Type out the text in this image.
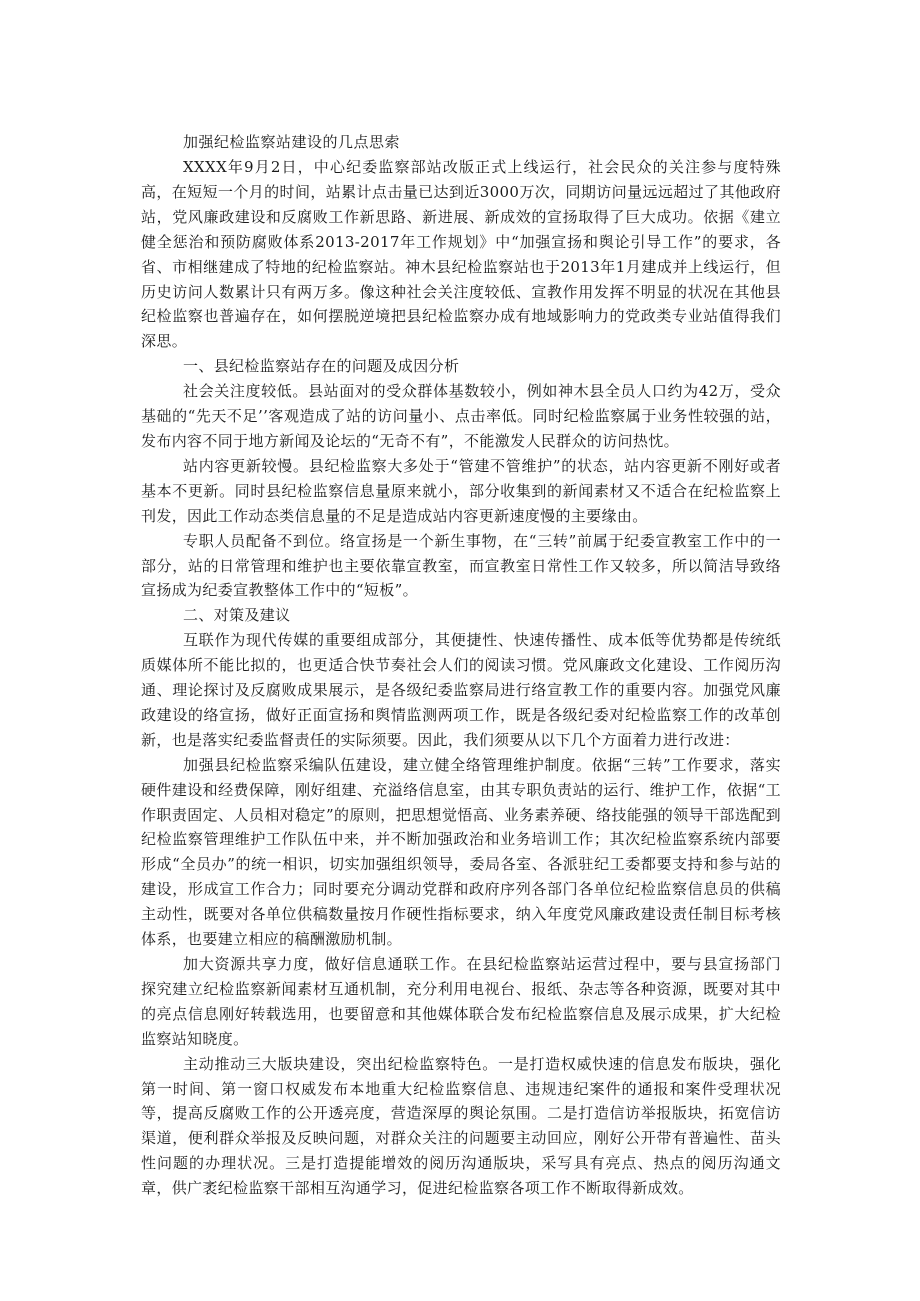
加强纪检监察站建设的几点思索

XXXX年9月2日，中心纪委监察部站改版正式上线运行，社会民众的关注参与度特殊高，在短短一个月的时间，站累计点击量已达到近3000万次，同期访问量远远超过了其他政府站，党风廉政建设和反腐败工作新思路、新进展、新成效的宣扬取得了巨大成功。依据《建立健全惩治和预防腐败体系2013-2017年工作规划》中“加强宣扬和舆论引导工作”的要求，各省、市相继建成了特地的纪检监察站。神木县纪检监察站也于2013年1月建成并上线运行，但历史访问人数累计只有两万多。像这种社会关注度较低、宣教作用发挥不明显的状况在其他县纪检监察也普遍存在，如何摆脱逆境把县纪检监察办成有地域影响力的党政类专业站值得我们深思。

一、县纪检监察站存在的问题及成因分析

社会关注度较低。县站面对的受众群体基数较小，例如神木县全员人口约为42万，受众基础的“先天不足’’客观造成了站的访问量小、点击率低。同时纪检监察属于业务性较强的站，发布内容不同于地方新闻及论坛的“无奇不有”，不能激发人民群众的访问热忱。

站内容更新较慢。县纪检监察大多处于“管建不管维护”的状态，站内容更新不刚好或者基本不更新。同时县纪检监察信息量原来就小，部分收集到的新闻素材又不适合在纪检监察上刊发，因此工作动态类信息量的不足是造成站内容更新速度慢的主要缘由。

专职人员配备不到位。络宣扬是一个新生事物，在“三转”前属于纪委宣教室工作中的一部分，站的日常管理和维护也主要依靠宣教室，而宣教室日常性工作又较多，所以简洁导致络宣扬成为纪委宣教整体工作中的“短板”。

二、对策及建议

互联作为现代传媒的重要组成部分，其便捷性、快速传播性、成本低等优势都是传统纸质媒体所不能比拟的，也更适合快节奏社会人们的阅读习惯。党风廉政文化建设、工作阅历沟通、理论探讨及反腐败成果展示，是各级纪委监察局进行络宣教工作的重要内容。加强党风廉政建设的络宣扬，做好正面宣扬和舆情监测两项工作，既是各级纪委对纪检监察工作的改革创新，也是落实纪委监督责任的实际须要。因此，我们须要从以下几个方面着力进行改进：

加强县纪检监察采编队伍建设，建立健全络管理维护制度。依据“三转”工作要求，落实硬件建设和经费保障，刚好组建、充溢络信息室，由其专职负责站的运行、维护工作，依据“工作职责固定、人员相对稳定”的原则，把思想觉悟高、业务素养硬、络技能强的领导干部选配到纪检监察管理维护工作队伍中来，并不断加强政治和业务培训工作；其次纪检监察系统内部要形成“全员办”的统一相识，切实加强组织领导，委局各室、各派驻纪工委都要支持和参与站的建设，形成宣工作合力；同时要充分调动党群和政府序列各部门各单位纪检监察信息员的供稿主动性，既要对各单位供稿数量按月作硬性指标要求，纳入年度党风廉政建设责任制目标考核体系，也要建立相应的稿酬激励机制。

加大资源共享力度，做好信息通联工作。在县纪检监察站运营过程中，要与县宣扬部门探究建立纪检监察新闻素材互通机制，充分利用电视台、报纸、杂志等各种资源，既要对其中的亮点信息刚好转载选用，也要留意和其他媒体联合发布纪检监察信息及展示成果，扩大纪检监察站知晓度。

主动推动三大版块建设，突出纪检监察特色。一是打造权威快速的信息发布版块，强化第一时间、第一窗口权威发布本地重大纪检监察信息、违规违纪案件的通报和案件受理状况等，提高反腐败工作的公开透亮度，营造深厚的舆论氛围。二是打造信访举报版块，拓宽信访渠道，便利群众举报及反映问题，对群众关注的问题要主动回应，刚好公开带有普遍性、苗头性问题的办理状况。三是打造提能增效的阅历沟通版块，采写具有亮点、热点的阅历沟通文章，供广袤纪检监察干部相互沟通学习，促进纪检监察各项工作不断取得新成效。
